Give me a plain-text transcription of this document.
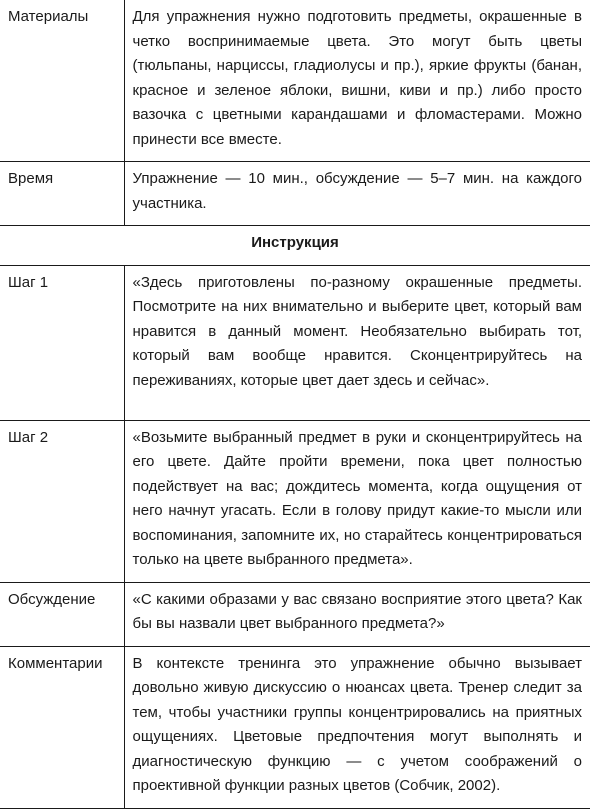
Материалы	Для упражнения нужно подготовить предметы, окрашенные в четко воспринимаемые цвета. Это могут быть цветы (тюльпаны, нарциссы, гладиолусы и пр.), яркие фрукты (банан, красное и зеленое яблоки, вишни, киви и пр.) либо просто вазочка с цветными карандашами и фломастерами. Можно принести все вместе.
Время	Упражнение — 10 мин., обсуждение — 5–7 мин. на каждого участника.
Инструкция	
Шаг 1	«Здесь приготовлены по-разному окрашенные предметы. Посмотрите на них внимательно и выберите цвет, который вам нравится в данный момент. Необязательно выбирать тот, который вам вообще нравится. Сконцентрируйтесь на переживаниях, которые цвет дает здесь и сейчас».
Шаг 2	«Возьмите выбранный предмет в руки и сконцентрируйтесь на его цвете. Дайте пройти времени, пока цвет полностью подействует на вас; дождитесь момента, когда ощущения от него начнут угасать. Если в голову придут какие-то мысли или воспоминания, запомните их, но старайтесь концентрироваться только на цвете выбранного предмета».
Обсуждение	«С какими образами у вас связано восприятие этого цвета? Как бы вы назвали цвет выбранного предмета?»
Комментарии	В контексте тренинга это упражнение обычно вызывает довольно живую дискуссию о нюансах цвета. Тренер следит за тем, чтобы участники группы концентрировались на приятных ощущениях. Цветовые предпочтения могут выполнять и диагностическую функцию — с учетом соображений о проективной функции разных цветов (Собчик, 2002).
